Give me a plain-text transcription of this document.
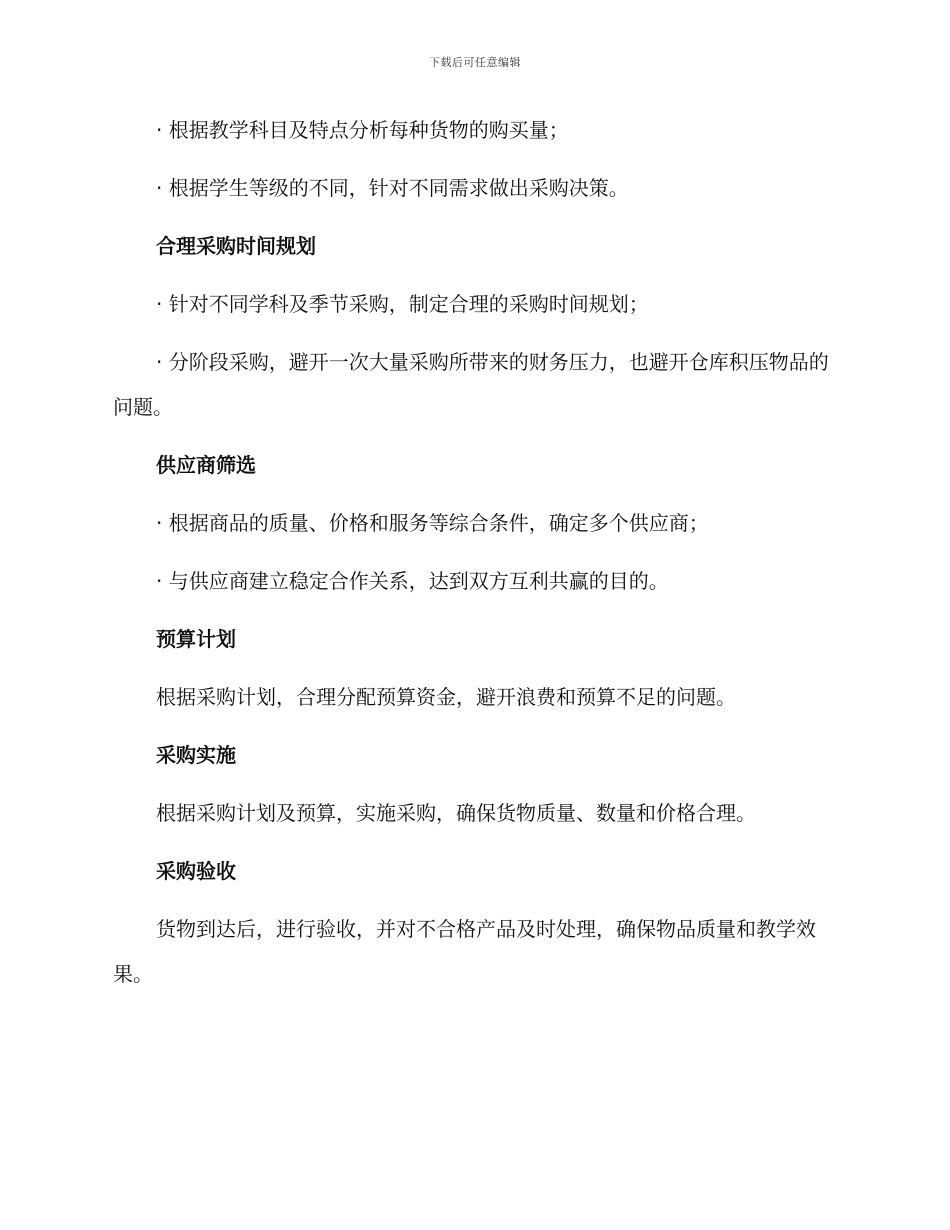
下载后可任意编辑

· 根据教学科目及特点分析每种货物的购买量；

· 根据学生等级的不同，针对不同需求做出采购决策。

合理采购时间规划

· 针对不同学科及季节采购，制定合理的采购时间规划；

· 分阶段采购，避开一次大量采购所带来的财务压力，也避开仓库积压物品的问题。

供应商筛选

· 根据商品的质量、价格和服务等综合条件，确定多个供应商；

· 与供应商建立稳定合作关系，达到双方互利共赢的目的。

预算计划

根据采购计划，合理分配预算资金，避开浪费和预算不足的问题。

采购实施

根据采购计划及预算，实施采购，确保货物质量、数量和价格合理。

采购验收

货物到达后，进行验收，并对不合格产品及时处理，确保物品质量和教学效果。
